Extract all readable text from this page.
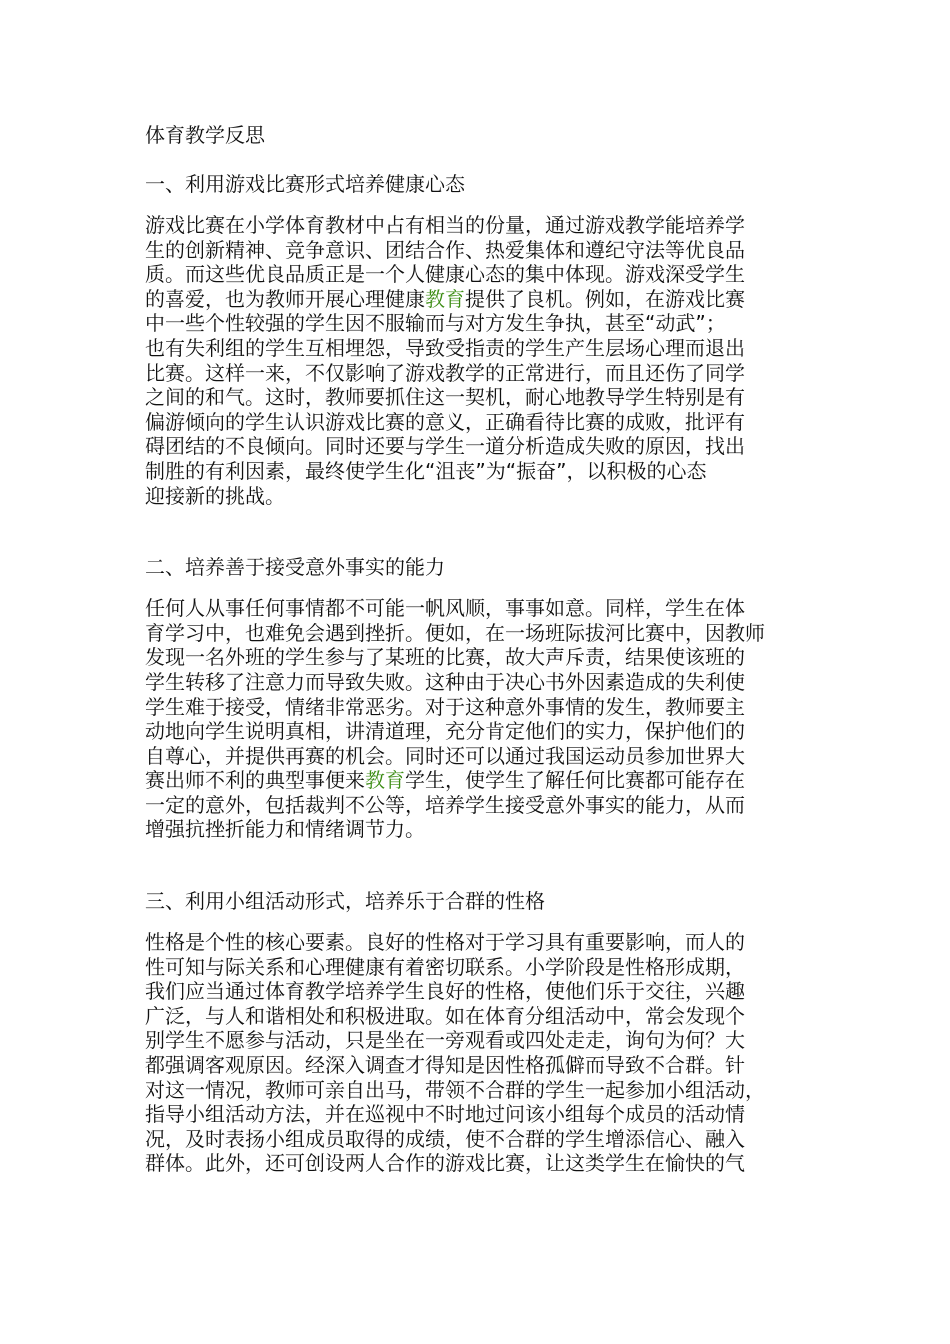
体育教学反思
一、利用游戏比赛形式培养健康心态
游戏比赛在小学体育教材中占有相当的份量，通过游戏教学能培养学
生的创新精神、竞争意识、团结合作、热爱集体和遵纪守法等优良品
质。而这些优良品质正是一个人健康心态的集中体现。游戏深受学生
的喜爱，也为教师开展心理健康教育提供了良机。例如，在游戏比赛
中一些个性较强的学生因不服输而与对方发生争执，甚至“动武”；
也有失利组的学生互相埋怨，导致受指责的学生产生层场心理而退出
比赛。这样一来，不仅影响了游戏教学的正常进行，而且还伤了同学
之间的和气。这时，教师要抓住这一契机，耐心地教导学生特别是有
偏游倾向的学生认识游戏比赛的意义，正确看待比赛的成败，批评有
碍团结的不良倾向。同时还要与学生一道分析造成失败的原因，找出
制胜的有利因素，最终使学生化“沮丧”为“振奋”，以积极的心态
迎接新的挑战。
二、培养善于接受意外事实的能力
任何人从事任何事情都不可能一帆风顺，事事如意。同样，学生在体
育学习中，也难免会遇到挫折。便如，在一场班际拔河比赛中，因教师
发现一名外班的学生参与了某班的比赛，故大声斥责，结果使该班的
学生转移了注意力而导致失败。这种由于决心书外因素造成的失利使
学生难于接受，情绪非常恶劣。对于这种意外事情的发生，教师要主
动地向学生说明真相，讲清道理，充分肯定他们的实力，保护他们的
自尊心，并提供再赛的机会。同时还可以通过我国运动员参加世界大
赛出师不利的典型事便来教育学生，使学生了解任何比赛都可能存在
一定的意外，包括裁判不公等，培养学生接受意外事实的能力，从而
增强抗挫折能力和情绪调节力。
三、利用小组活动形式，培养乐于合群的性格
性格是个性的核心要素。良好的性格对于学习具有重要影响，而人的
性可知与际关系和心理健康有着密切联系。小学阶段是性格形成期，
我们应当通过体育教学培养学生良好的性格，使他们乐于交往，兴趣
广泛，与人和谐相处和积极进取。如在体育分组活动中，常会发现个
别学生不愿参与活动，只是坐在一旁观看或四处走走，询句为何？大
都强调客观原因。经深入调查才得知是因性格孤僻而导致不合群。针
对这一情况，教师可亲自出马，带领不合群的学生一起参加小组活动，
指导小组活动方法，并在巡视中不时地过问该小组每个成员的活动情
况，及时表扬小组成员取得的成绩，使不合群的学生增添信心、融入
群体。此外，还可创设两人合作的游戏比赛，让这类学生在愉快的气
